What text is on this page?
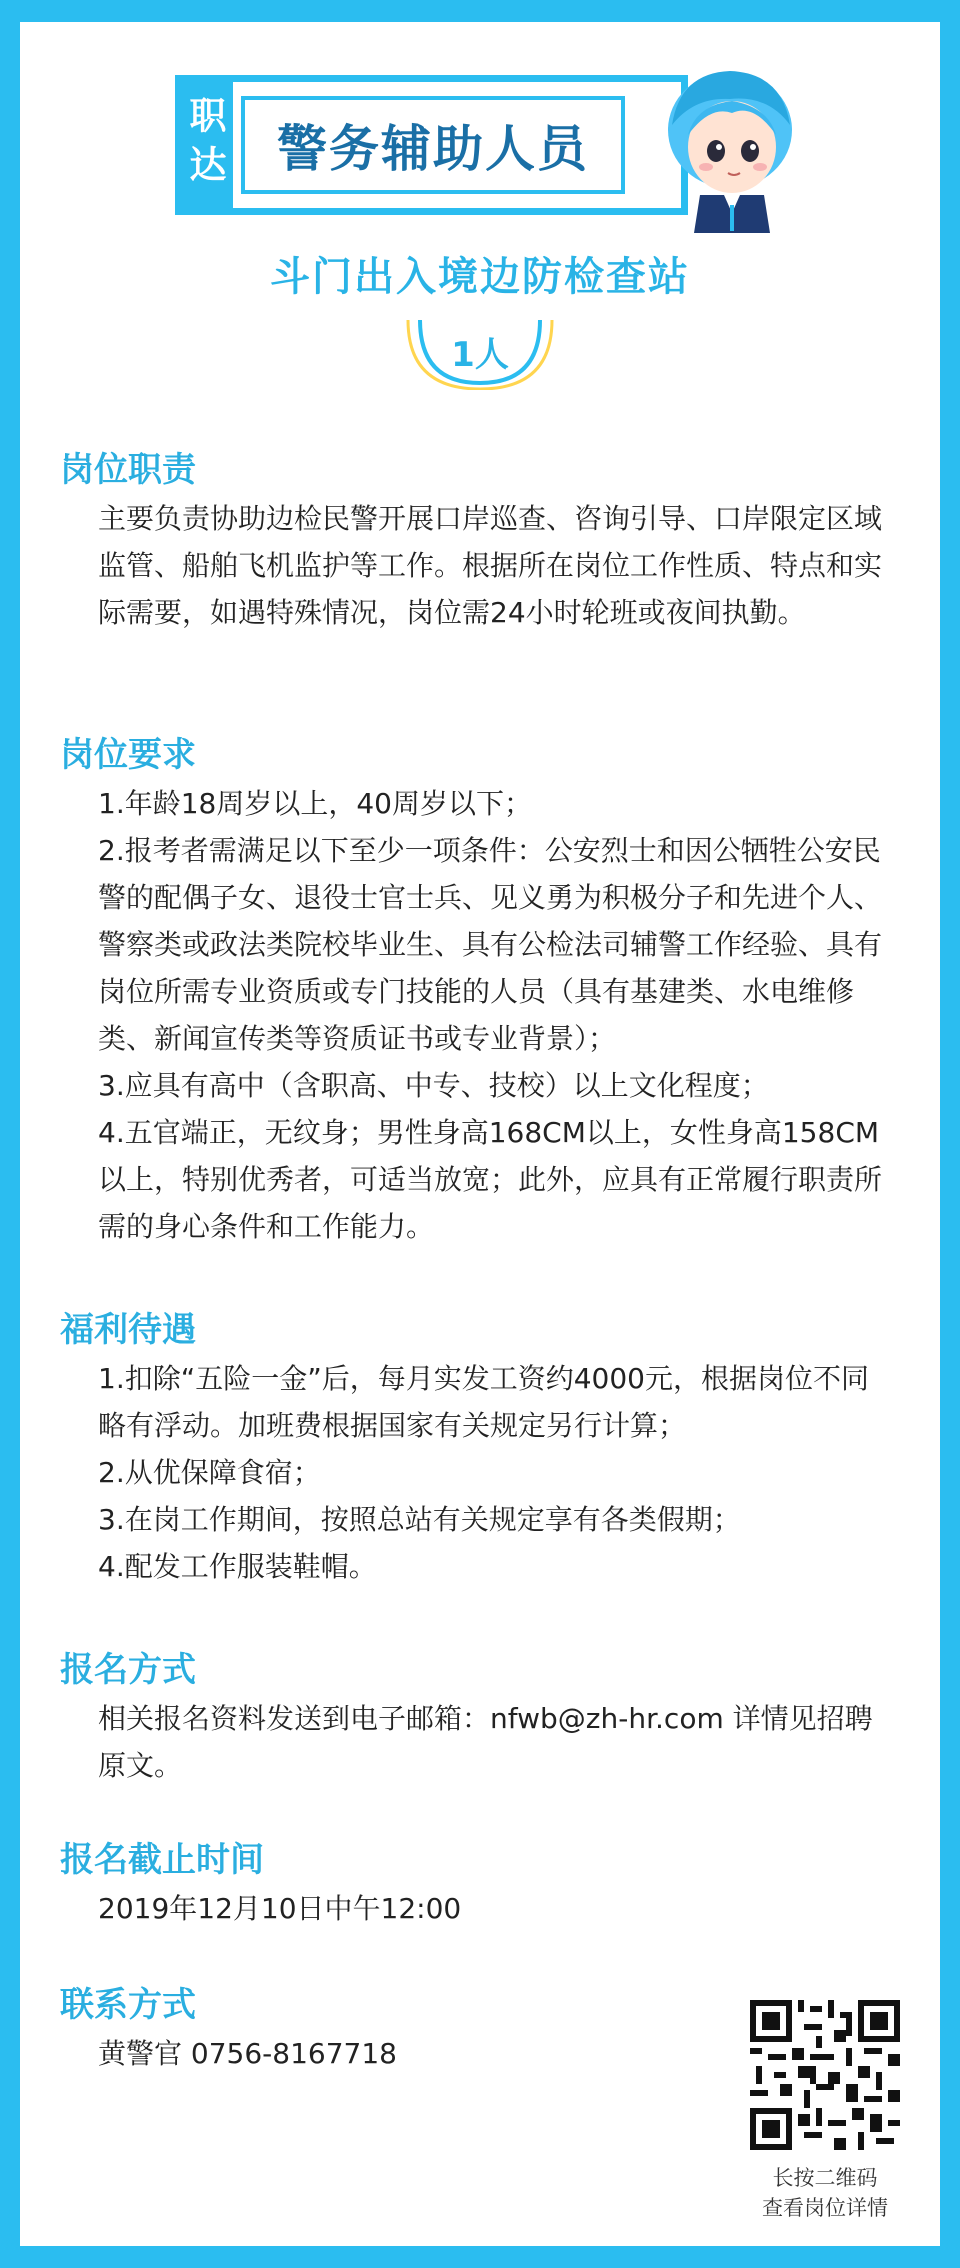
职达	警务辅助人员
斗门出入境边防检查站
1人
岗位职责

主要负责协助边检民警开展口岸巡查、咨询引导、口岸限定区域监管、船舶飞机监护等工作。根据所在岗位工作性质、特点和实际需要，如遇特殊情况，岗位需24小时轮班或夜间执勤。

岗位要求

1.年龄18周岁以上，40周岁以下；

2.报考者需满足以下至少一项条件：公安烈士和因公牺牲公安民警的配偶子女、退役士官士兵、见义勇为积极分子和先进个人、警察类或政法类院校毕业生、具有公检法司辅警工作经验、具有岗位所需专业资质或专门技能的人员（具有基建类、水电维修类、新闻宣传类等资质证书或专业背景）；

3.应具有高中（含职高、中专、技校）以上文化程度；

4.五官端正，无纹身；男性身高168CM以上，女性身高158CM以上，特别优秀者，可适当放宽；此外，应具有正常履行职责所需的身心条件和工作能力。

福利待遇

1.扣除“五险一金”后，每月实发工资约4000元，根据岗位不同略有浮动。加班费根据国家有关规定另行计算；

2.从优保障食宿；

3.在岗工作期间，按照总站有关规定享有各类假期；

4.配发工作服装鞋帽。

报名方式

相关报名资料发送到电子邮箱：nfwb@zh-hr.com 详情见招聘原文。

报名截止时间

2019年12月10日中午12:00

联系方式

黄警官 0756-8167718

长按二维码
查看岗位详情
